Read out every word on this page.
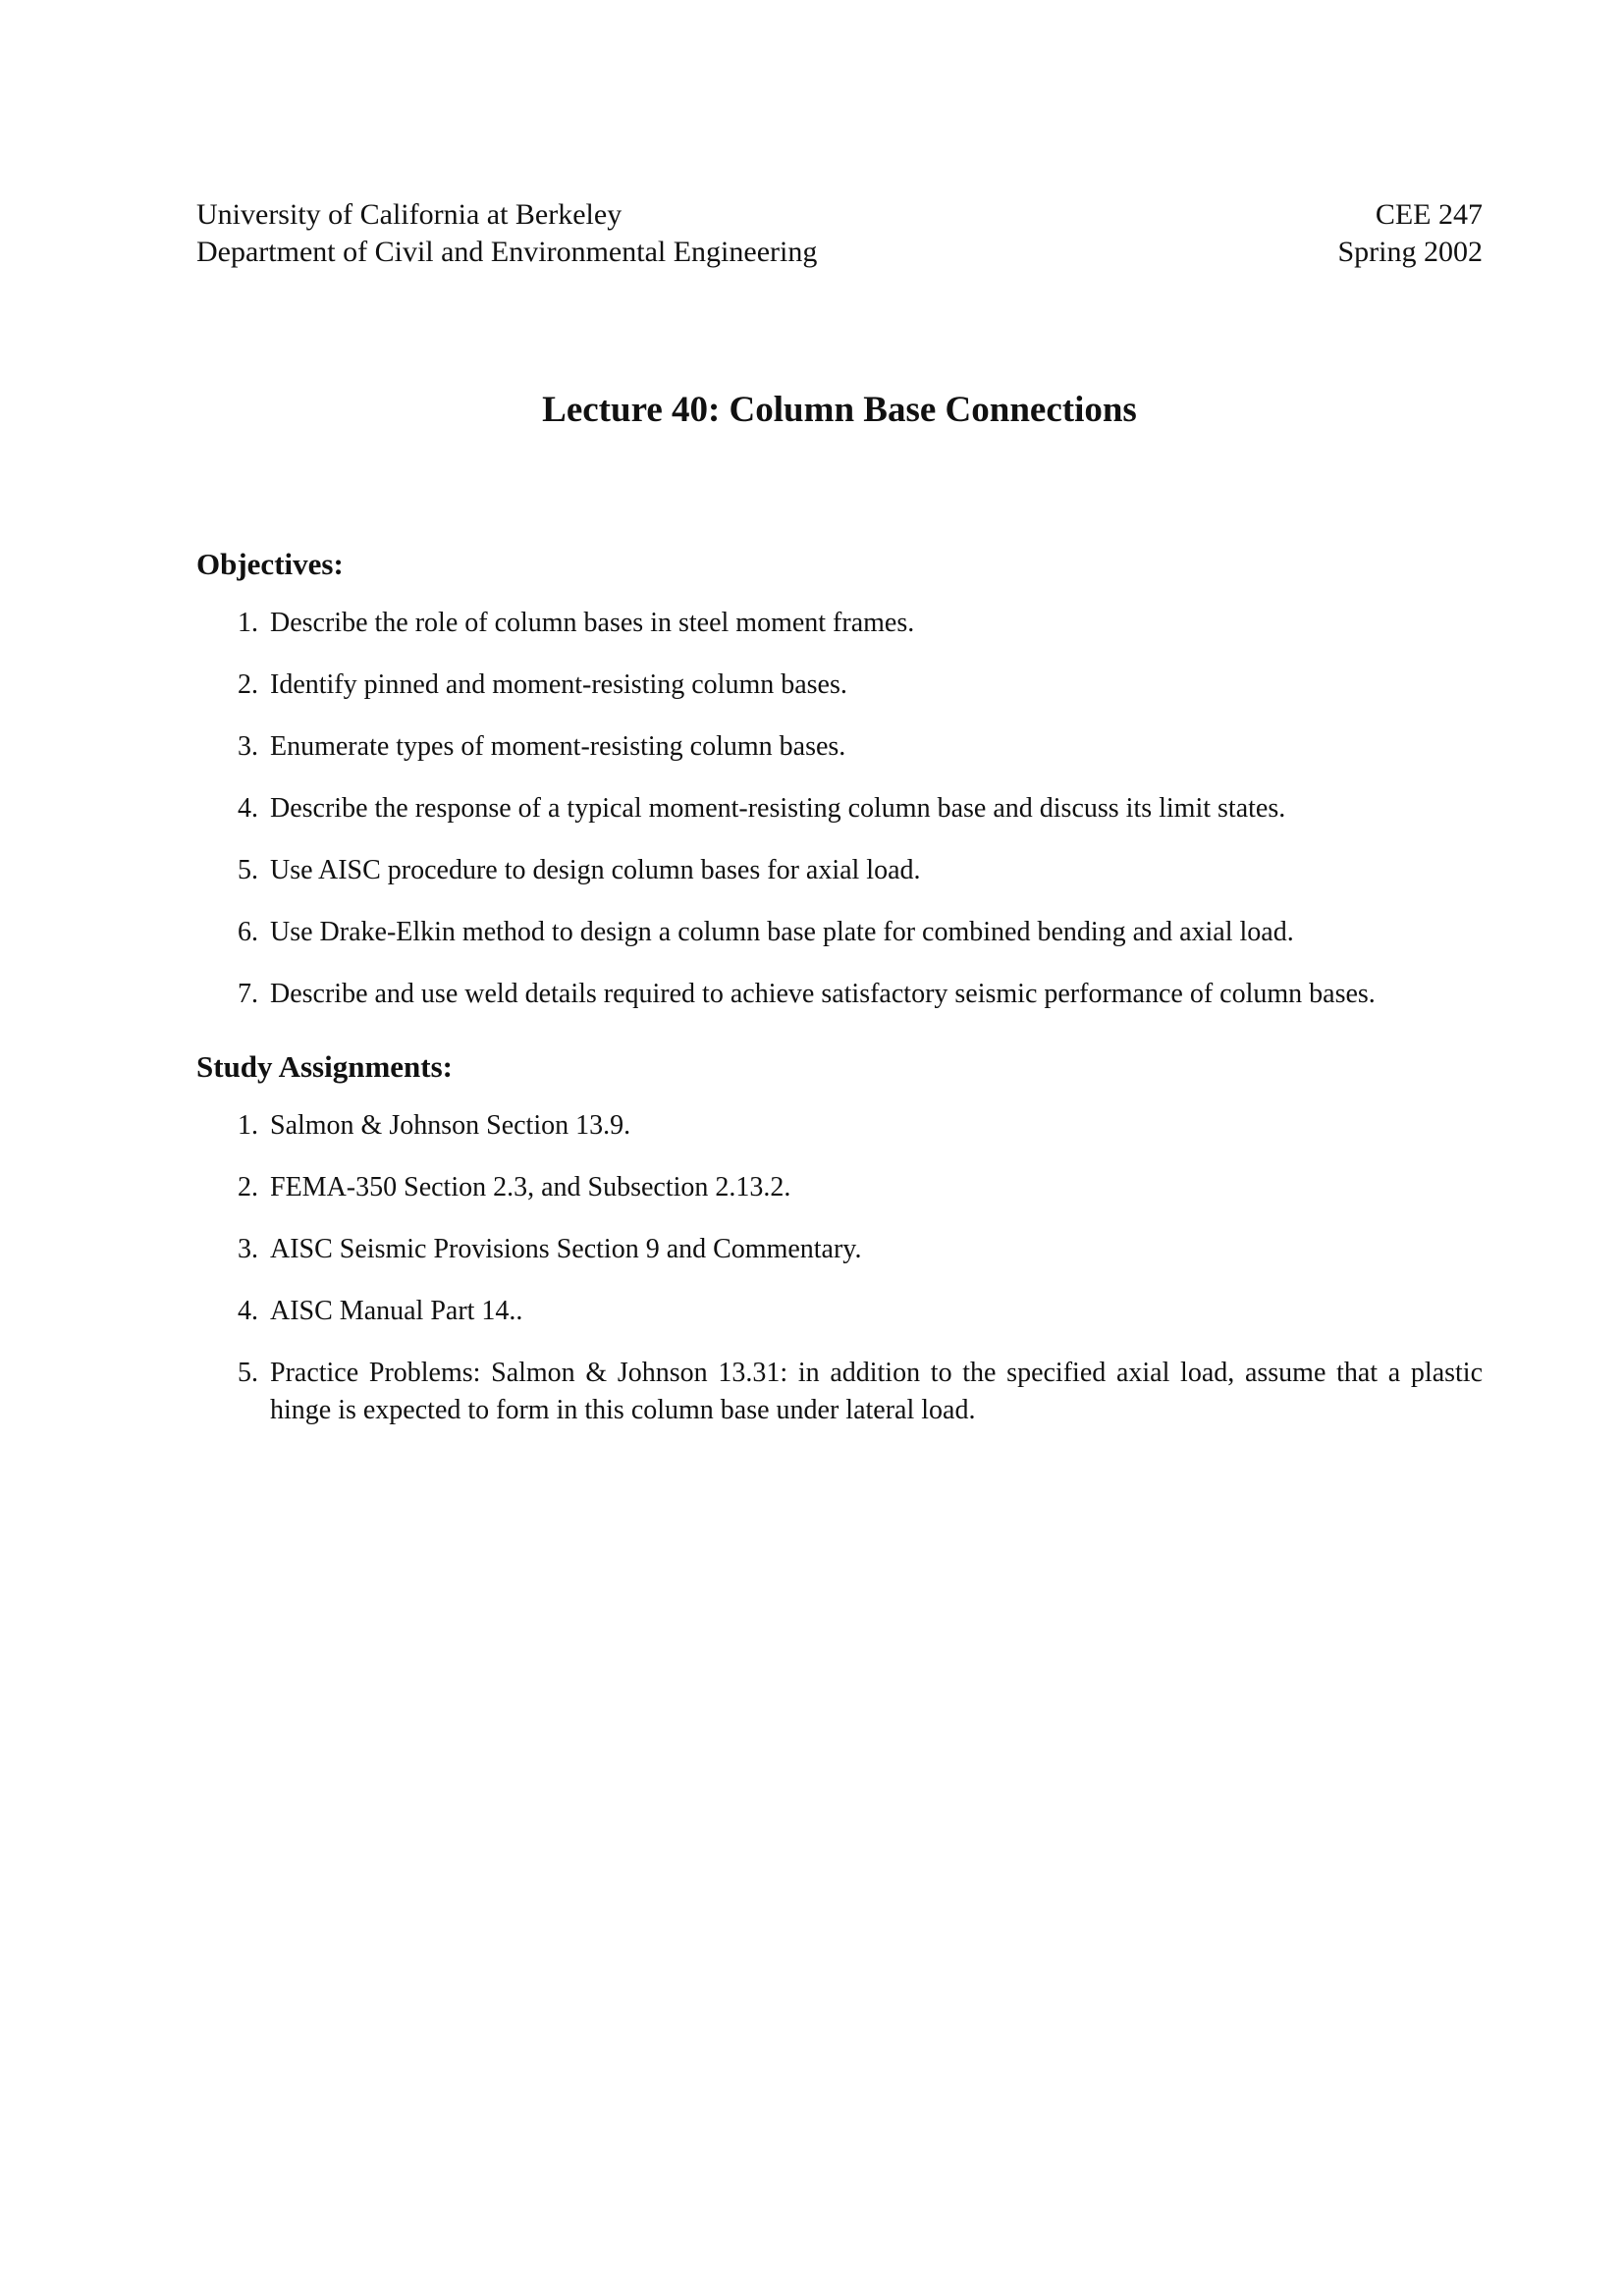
University of California at Berkeley
Department of Civil and Environmental Engineering
CEE 247
Spring 2002
Lecture 40: Column Base Connections
Objectives:
1. Describe the role of column bases in steel moment frames.
2. Identify pinned and moment-resisting column bases.
3. Enumerate types of moment-resisting column bases.
4. Describe the response of a typical moment-resisting column base and discuss its limit states.
5. Use AISC procedure to design column bases for axial load.
6. Use Drake-Elkin method to design a column base plate for combined bending and axial load.
7. Describe and use weld details required to achieve satisfactory seismic performance of column bases.
Study Assignments:
1. Salmon & Johnson Section 13.9.
2. FEMA-350 Section 2.3, and Subsection 2.13.2.
3. AISC Seismic Provisions Section 9 and Commentary.
4. AISC Manual Part 14..
5. Practice Problems: Salmon & Johnson 13.31: in addition to the specified axial load, assume that a plastic hinge is expected to form in this column base under lateral load.
